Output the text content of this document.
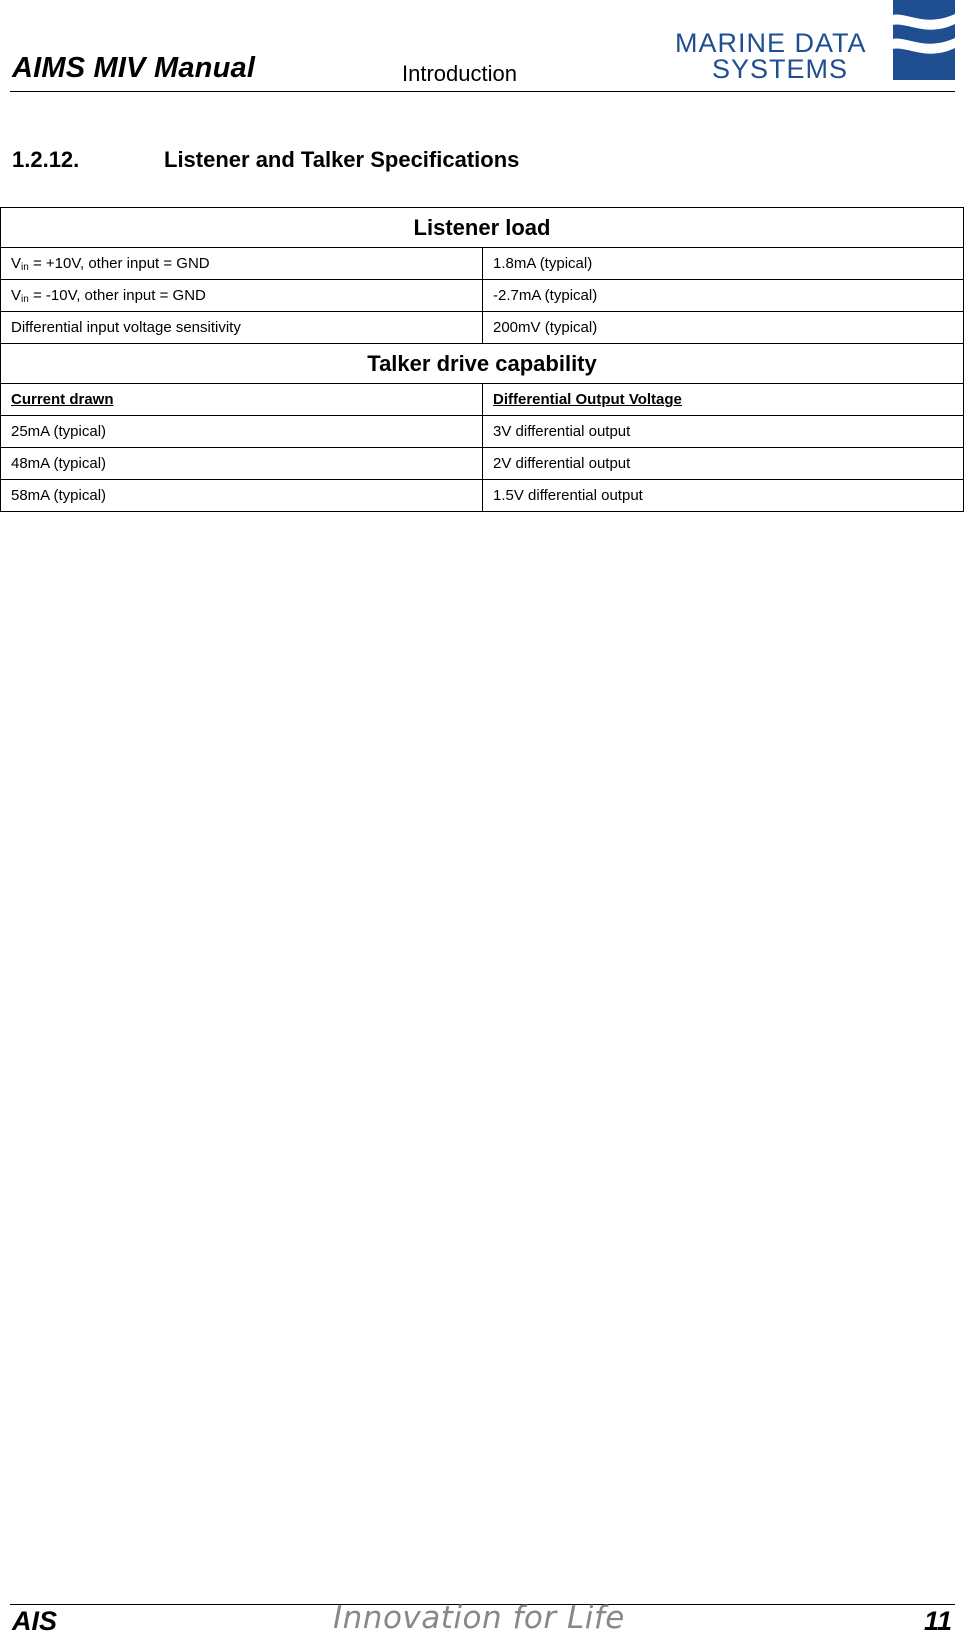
AIMS MIV Manual	Introduction
MARINE DATA
SYSTEMS
1.2.12.	Listener and Talker Specifications
Listener load	
$V_{in} = +10V$, other input = GND	1.8mA (typical)
$V_{in} = -10V$, other input = GND	-2.7mA (typical)
Differential input voltage sensitivity	200mV (typical)
Talker drive capability	
Current drawn	Differential Output Voltage
25mA (typical)	3V differential output
48mA (typical)	2V differential output
58mA (typical)	1.5V differential output
AIS	Innovation for Life	11
